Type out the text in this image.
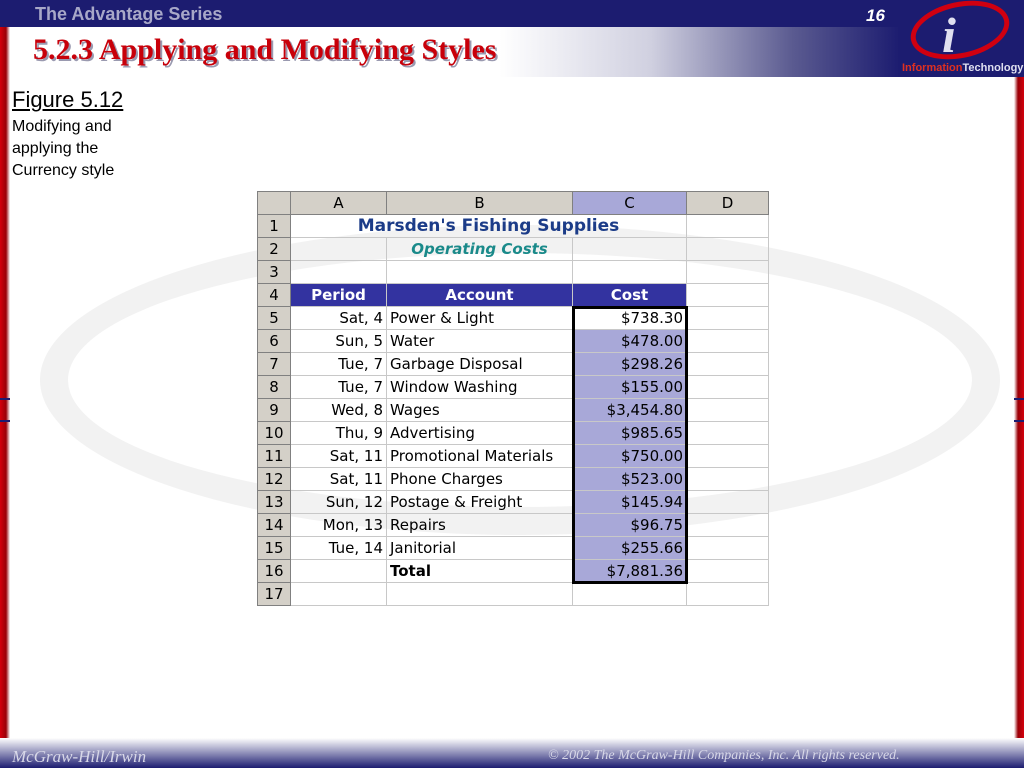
The Advantage Series	16
5.2.3 Applying and Modifying Styles	i
InformationTechnology
Figure 5.12
Modifying and applying the Currency style
	A	B	C	D
1	Marsden's Fishing Supplies			
2		Operating Costs		
3				
4	Period	Account	Cost	
5	Sat, 4	Power & Light	$738.30	
6	Sun, 5	Water	$478.00	
7	Tue, 7	Garbage Disposal	$298.26	
8	Tue, 7	Window Washing	$155.00	
9	Wed, 8	Wages	$3,454.80	
10	Thu, 9	Advertising	$985.65	
11	Sat, 11	Promotional Materials	$750.00	
12	Sat, 11	Phone Charges	$523.00	
13	Sun, 12	Postage & Freight	$145.94	
14	Mon, 13	Repairs	$96.75	
15	Tue, 14	Janitorial	$255.66	
16		Total	$7,881.36	
17				
McGraw-Hill/Irwin	© 2002 The McGraw-Hill Companies, Inc. All rights reserved.
